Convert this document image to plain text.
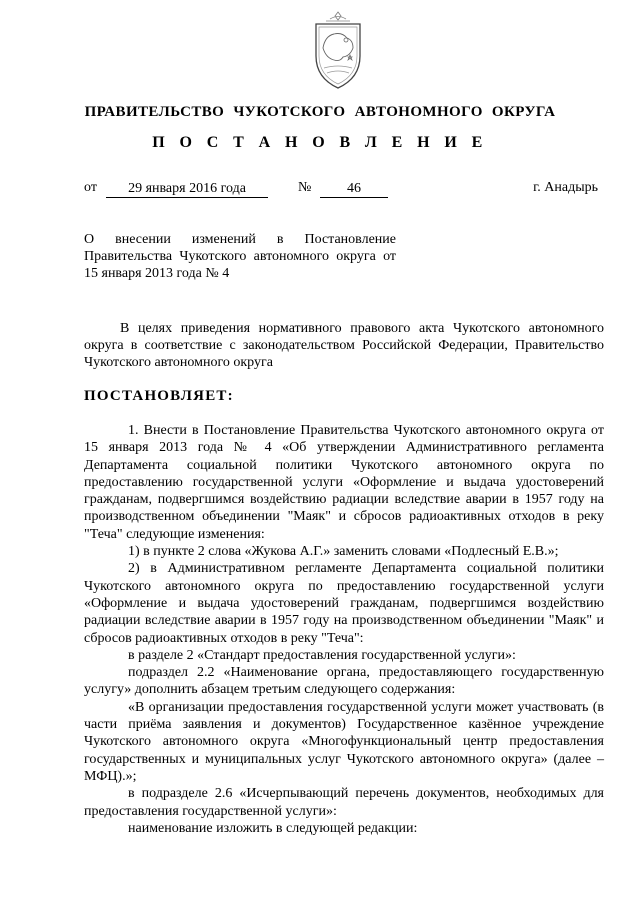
ПРАВИТЕЛЬСТВО ЧУКОТСКОГО АВТОНОМНОГО ОКРУГА
П О С Т А Н О В Л Е Н И Е
от	29 января 2016 года	№	46	г. Анадырь
О внесении изменений в Постановление Правительства Чукотского автономного округа от 15 января 2013 года № 4
В целях приведения нормативного правового акта Чукотского автономного округа в соответствие с законодательством Российской Федерации, Правительство Чукотского автономного округа
ПОСТАНОВЛЯЕТ:

1. Внести в Постановление Правительства Чукотского автономного округа от 15 января 2013 года № 4 «Об утверждении Административного регламента Департамента социальной политики Чукотского автономного округа по предоставлению государственной услуги «Оформление и выдача удостоверений гражданам, подвергшимся воздействию радиации вследствие аварии в 1957 году на производственном объединении "Маяк" и сбросов радиоактивных отходов в реку "Теча" следующие изменения:

1) в пункте 2 слова «Жукова А.Г.» заменить словами «Подлесный Е.В.»;

2) в Административном регламенте Департамента социальной политики Чукотского автономного округа по предоставлению государственной услуги «Оформление и выдача удостоверений гражданам, подвергшимся воздействию радиации вследствие аварии в 1957 году на производственном объединении "Маяк" и сбросов радиоактивных отходов в реку "Теча":

в разделе 2 «Стандарт предоставления государственной услуги»:

подраздел 2.2 «Наименование органа, предоставляющего государственную услугу» дополнить абзацем третьим следующего содержания:

«В организации предоставления государственной услуги может участвовать (в части приёма заявления и документов) Государственное казённое учреждение Чукотского автономного округа «Многофункциональный центр предоставления государственных и муниципальных услуг Чукотского автономного округа» (далее – МФЦ).»;

в подразделе 2.6 «Исчерпывающий перечень документов, необходимых для предоставления государственной услуги»:

наименование изложить в следующей редакции:
